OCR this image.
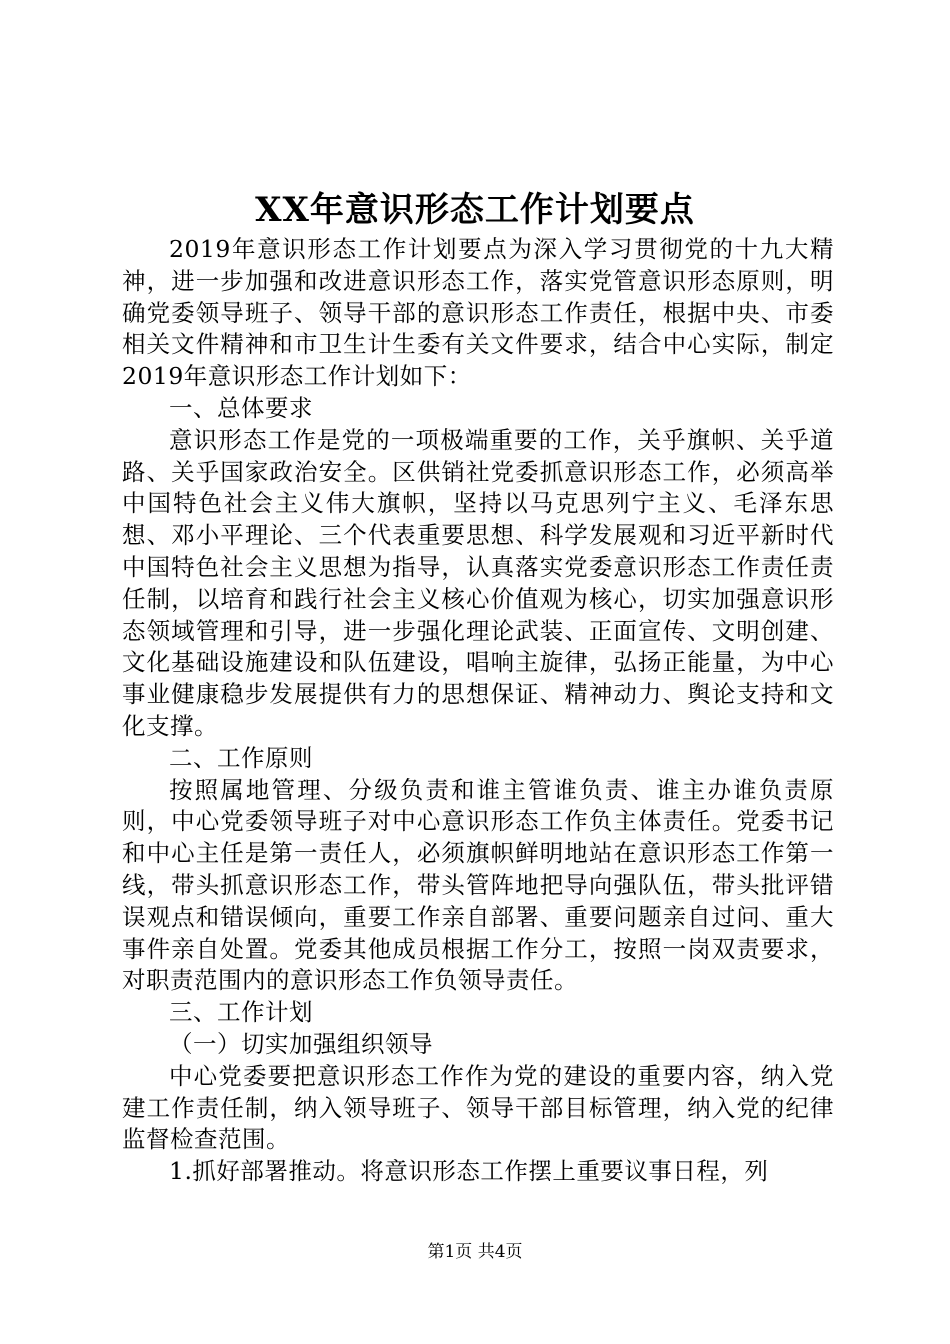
XX年意识形态工作计划要点

2019年意识形态工作计划要点为深入学习贯彻党的十九大精神，进一步加强和改进意识形态工作，落实党管意识形态原则，明确党委领导班子、领导干部的意识形态工作责任，根据中央、市委相关文件精神和市卫生计生委有关文件要求，结合中心实际，制定2019年意识形态工作计划如下：

一、总体要求

意识形态工作是党的一项极端重要的工作，关乎旗帜、关乎道路、关乎国家政治安全。区供销社党委抓意识形态工作，必须高举中国特色社会主义伟大旗帜，坚持以马克思列宁主义、毛泽东思想、邓小平理论、三个代表重要思想、科学发展观和习近平新时代中国特色社会主义思想为指导，认真落实党委意识形态工作责任责任制，以培育和践行社会主义核心价值观为核心，切实加强意识形态领域管理和引导，进一步强化理论武装、正面宣传、文明创建、文化基础设施建设和队伍建设，唱响主旋律，弘扬正能量，为中心事业健康稳步发展提供有力的思想保证、精神动力、舆论支持和文化支撑。

二、工作原则

按照属地管理、分级负责和谁主管谁负责、谁主办谁负责原则，中心党委领导班子对中心意识形态工作负主体责任。党委书记和中心主任是第一责任人，必须旗帜鲜明地站在意识形态工作第一线，带头抓意识形态工作，带头管阵地把导向强队伍，带头批评错误观点和错误倾向，重要工作亲自部署、重要问题亲自过问、重大事件亲自处置。党委其他成员根据工作分工，按照一岗双责要求，对职责范围内的意识形态工作负领导责任。

三、工作计划

（一）切实加强组织领导

中心党委要把意识形态工作作为党的建设的重要内容，纳入党建工作责任制，纳入领导班子、领导干部目标管理，纳入党的纪律监督检查范围。

1.抓好部署推动。将意识形态工作摆上重要议事日程，列

第1页 共4页
